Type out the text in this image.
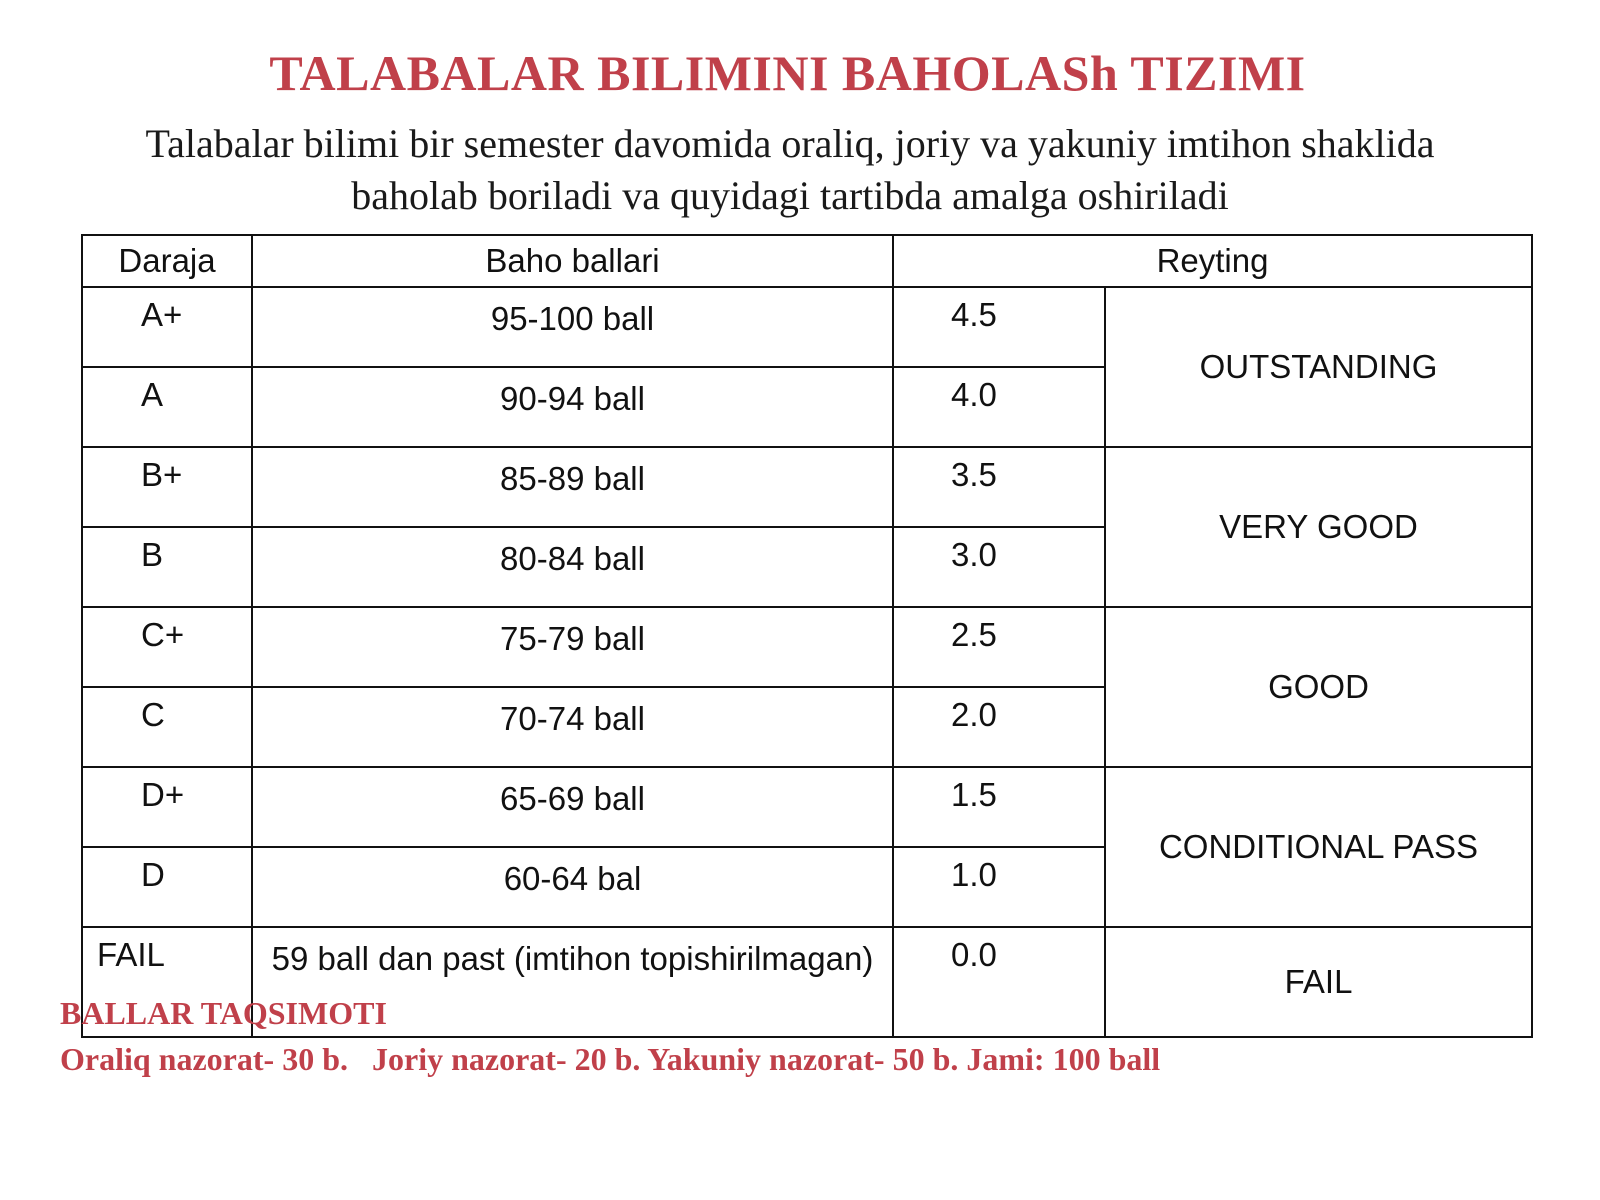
TALABALAR BILIMINI BAHOLASh TIZIMI
Talabalar bilimi bir semester davomida oraliq, joriy va yakuniy imtihon shaklida
baholab boriladi va quyidagi tartibda amalga oshiriladi
Daraja	Baho ballari	Reyting	
A+	95-100 ball	4.5	OUTSTANDING
A	90-94 ball	4.0	
B+	85-89 ball	3.5	VERY GOOD
B	80-84 ball	3.0	
C+	75-79 ball	2.5	GOOD
C	70-74 ball	2.0	
D+	65-69 ball	1.5	CONDITIONAL PASS
D	60-64 bal	1.0	
FAIL	59 ball dan past (imtihon topishirilmagan)	0.0	FAIL
BALLAR TAQSIMOTI
Oraliq nazorat- 30 b.   Joriy nazorat- 20 b. Yakuniy nazorat- 50 b. Jami: 100 ball
